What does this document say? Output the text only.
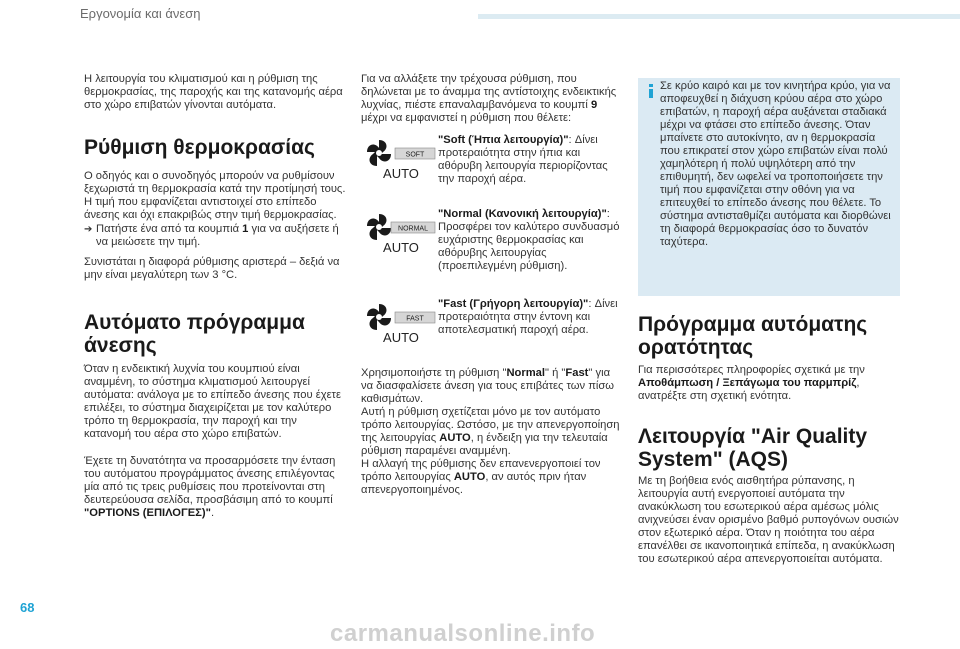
Εργονομία και άνεση

Η λειτουργία του κλιματισμού και η ρύθμιση της θερμοκρασίας, της παροχής και της κατανομής αέρα στο χώρο επιβατών γίνονται αυτόματα.

Ρύθμιση θερμοκρασίας

Ο οδηγός και ο συνοδηγός μπορούν να ρυθμίσουν ξεχωριστά τη θερμοκρασία κατά την προτίμησή τους. Η τιμή που εμφανίζεται αντιστοιχεί στο επίπεδο άνεσης και όχι επακριβώς στην τιμή θερμοκρασίας.

➔ Πατήστε ένα από τα κουμπιά 1 για να αυξήσετε ή να μειώσετε την τιμή.

Συνιστάται η διαφορά ρύθμισης αριστερά – δεξιά να μην είναι μεγαλύτερη των 3 °C.

Αυτόματο πρόγραμμα
άνεσης

Όταν η ενδεικτική λυχνία του κουμπιού είναι αναμμένη, το σύστημα κλιματισμού λειτουργεί αυτόματα: ανάλογα με το επίπεδο άνεσης που έχετε επιλέξει, το σύστημα διαχειρίζεται με τον καλύτερο τρόπο τη θερμοκρασία, την παροχή και την κατανομή του αέρα στο χώρο επιβατών.

Έχετε τη δυνατότητα να προσαρμόσετε την ένταση του αυτόματου προγράμματος άνεσης επιλέγοντας μία από τις τρεις ρυθμίσεις που προτείνονται στη δευτερεύουσα σελίδα, προσβάσιμη από το κουμπί "OPTIONS (ΕΠΙΛΟΓΕΣ)".

Για να αλλάξετε την τρέχουσα ρύθμιση, που δηλώνεται με το άναμμα της αντίστοιχης ενδεικτικής λυχνίας, πιέστε επαναλαμβανόμενα το κουμπί 9 μέχρι να εμφανιστεί η ρύθμιση που θέλετε:

SOFT
AUTO
"Soft (Ήπια λειτουργία)": Δίνει προτεραιότητα στην ήπια και αθόρυβη λειτουργία περιορίζοντας την παροχή αέρα.
NORMAL
AUTO
"Normal (Κανονική λειτουργία)": Προσφέρει τον καλύτερο συνδυασμό ευχάριστης θερμοκρασίας και αθόρυβης λειτουργίας (προεπιλεγμένη ρύθμιση).
FAST
AUTO
"Fast (Γρήγορη λειτουργία)": Δίνει προτεραιότητα στην έντονη και αποτελεσματική παροχή αέρα.

Χρησιμοποιήστε τη ρύθμιση "Normal" ή "Fast" για να διασφαλίσετε άνεση για τους επιβάτες των πίσω καθισμάτων.
Αυτή η ρύθμιση σχετίζεται μόνο με τον αυτόματο τρόπο λειτουργίας. Ωστόσο, με την απενεργοποίηση της λειτουργίας AUTO, η ένδειξη για την τελευταία ρύθμιση παραμένει αναμμένη.
Η αλλαγή της ρύθμισης δεν επανενεργοποιεί τον τρόπο λειτουργίας AUTO, αν αυτός πριν ήταν απενεργοποιημένος.

Σε κρύο καιρό και με τον κινητήρα κρύο, για να αποφευχθεί η διάχυση κρύου αέρα στο χώρο επιβατών, η παροχή αέρα αυξάνεται σταδιακά μέχρι να φτάσει στο επίπεδο άνεσης. Όταν μπαίνετε στο αυτοκίνητο, αν η θερμοκρασία που επικρατεί στον χώρο επιβατών είναι πολύ χαμηλότερη ή πολύ υψηλότερη από την επιθυμητή, δεν ωφελεί να τροποποιήσετε την τιμή που εμφανίζεται στην οθόνη για να επιτευχθεί το επίπεδο άνεσης που θέλετε. Το σύστημα αντισταθμίζει αυτόματα και διορθώνει τη διαφορά θερμοκρασίας όσο το δυνατόν ταχύτερα.

Πρόγραμμα αυτόματης
ορατότητας

Για περισσότερες πληροφορίες σχετικά με την Αποθάμπωση / Ξεπάγωμα του παρμπρίζ, ανατρέξτε στη σχετική ενότητα.

Λειτουργία "Air Quality
System" (AQS)

Με τη βοήθεια ενός αισθητήρα ρύπανσης, η λειτουργία αυτή ενεργοποιεί αυτόματα την ανακύκλωση του εσωτερικού αέρα αμέσως μόλις ανιχνεύσει έναν ορισμένο βαθμό ρυπογόνων ουσιών στον εξωτερικό αέρα. Όταν η ποιότητα του αέρα επανέλθει σε ικανοποιητικά επίπεδα, η ανακύκλωση του εσωτερικού αέρα απενεργοποιείται αυτόματα.

68
carmanualsonline.info
